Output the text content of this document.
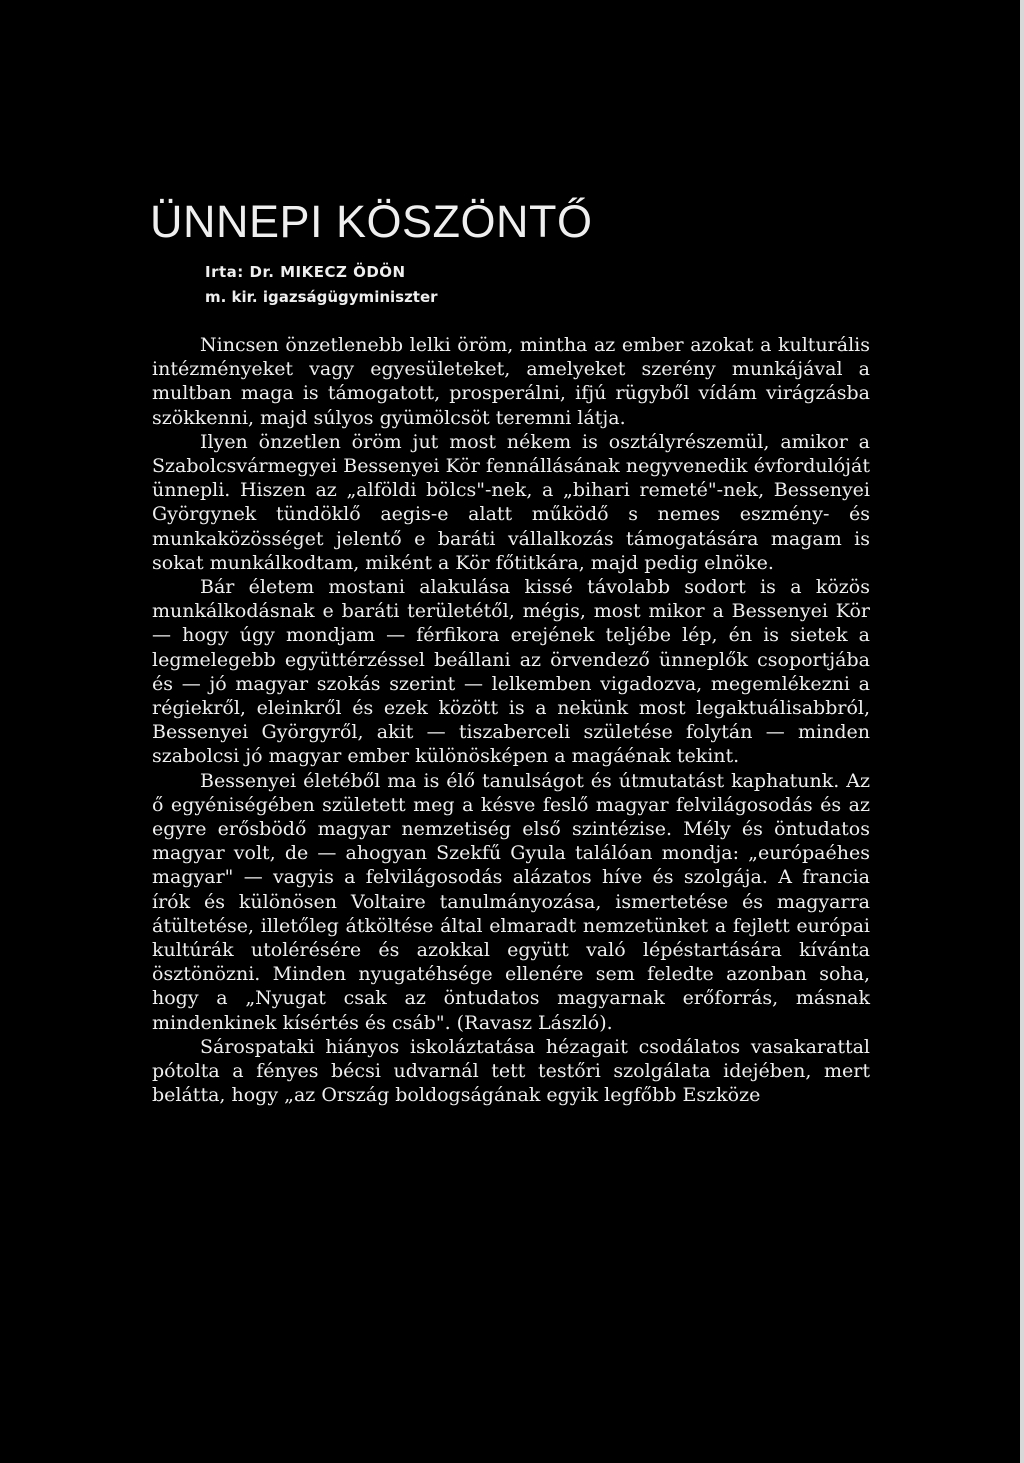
ÜNNEPI KÖSZÖNTŐ
Irta: Dr. MIKECZ ÖDÖN
m. kir. igazságügyminiszter

Nincsen önzetlenebb lelki öröm, mintha az ember azokat a kulturális intézményeket vagy egyesületeket, amelyeket szerény munkájával a multban maga is támogatott, prosperálni, ifjú rügyből vídám virágzásba szökkenni, majd súlyos gyümölcsöt teremni látja.

Ilyen önzetlen öröm jut most nékem is osztályrészemül, amikor a Szabolcsvármegyei Bessenyei Kör fennállásának negyvenedik évfordulóját ünnepli. Hiszen az „alföldi bölcs"-nek, a „bihari remeté"-nek, Bessenyei Györgynek tündöklő aegis-e alatt működő s nemes eszmény- és munkaközösséget jelentő e baráti vállalkozás támogatására magam is sokat munkálkodtam, miként a Kör főtitkára, majd pedig elnöke.

Bár életem mostani alakulása kissé távolabb sodort is a közös munkálkodásnak e baráti területétől, mégis, most mikor a Bessenyei Kör — hogy úgy mondjam — férfikora erejének teljébe lép, én is sietek a legmelegebb együttérzéssel beállani az örvendező ünneplők csoportjába és — jó magyar szokás szerint — lelkemben vigadozva, megemlékezni a régiekről, eleinkről és ezek között is a nekünk most legaktuálisabbról, Bessenyei Györgyről, akit — tiszaberceli születése folytán — minden szabolcsi jó magyar ember különösképen a magáénak tekint.

Bessenyei életéből ma is élő tanulságot és útmutatást kaphatunk. Az ő egyéniségében született meg a késve feslő magyar felvilágosodás és az egyre erősbödő magyar nemzetiség első szintézise. Mély és öntudatos magyar volt, de — ahogyan Szekfű Gyula találóan mondja: „európaéhes magyar" — vagyis a felvilágosodás alázatos híve és szolgája. A francia írók és különösen Voltaire tanulmányozása, ismertetése és magyarra átültetése, illetőleg átköltése által elmaradt nemzetünket a fejlett európai kultúrák utolérésére és azokkal együtt való lépéstartására kívánta ösztönözni. Minden nyugatéhsége ellenére sem feledte azonban soha, hogy a „Nyugat csak az öntudatos magyarnak erőforrás, másnak mindenkinek kísértés és csáb". (Ravasz László).

Sárospataki hiányos iskoláztatása hézagait csodálatos vasakarattal pótolta a fényes bécsi udvarnál tett testőri szolgálata idejében, mert belátta, hogy „az Ország boldogságának egyik legfőbb Eszköze
